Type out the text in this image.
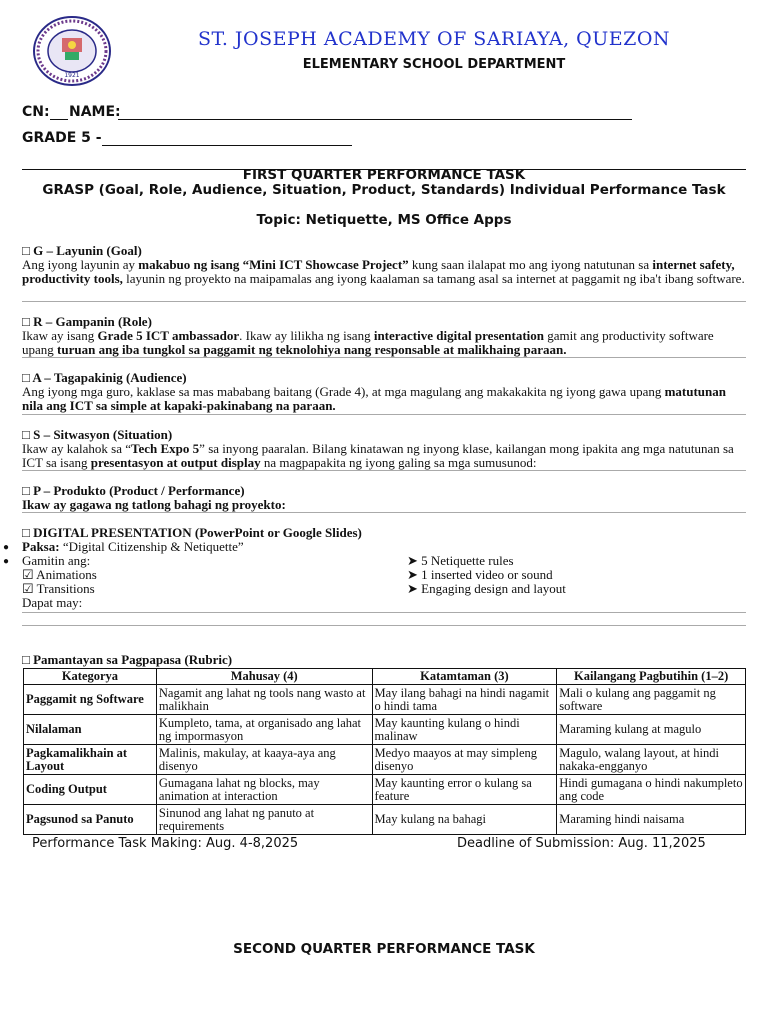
1921
ST. JOSEPH ACADEMY OF SARIAYA, QUEZON
ELEMENTARY SCHOOL DEPARTMENT
CN: NAME:
GRADE 5 -
FIRST QUARTER PERFORMANCE TASK
GRASP (Goal, Role, Audience, Situation, Product, Standards) Individual Performance Task
Topic: Netiquette, MS Office Apps
□ G – Layunin (Goal)
Ang iyong layunin ay makabuo ng isang “Mini ICT Showcase Project” kung saan ilalapat mo ang iyong natutunan sa internet safety, productivity tools, layunin ng proyekto na maipamalas ang iyong kaalaman sa tamang asal sa internet at paggamit ng iba't ibang software.
□ R – Gampanin (Role)
Ikaw ay isang Grade 5 ICT ambassador. Ikaw ay lilikha ng isang interactive digital presentation gamit ang productivity software upang turuan ang iba tungkol sa paggamit ng teknolohiya nang responsable at malikhaing paraan.
□ A – Tagapakinig (Audience)
Ang iyong mga guro, kaklase sa mas mababang baitang (Grade 4), at mga magulang ang makakakita ng iyong gawa upang matutunan nila ang ICT sa simple at kapaki-pakinabang na paraan.
□ S – Sitwasyon (Situation)
Ikaw ay kalahok sa “Tech Expo 5” sa inyong paaralan. Bilang kinatawan ng inyong klase, kailangan mong ipakita ang mga natutunan sa ICT sa isang presentasyon at output display na magpapakita ng iyong galing sa mga sumusunod:
□ P – Produkto (Product / Performance)
Ikaw ay gagawa ng tatlong bahagi ng proyekto:
□ DIGITAL PRESENTATION (PowerPoint or Google Slides)
● Paksa: “Digital Citizenship & Netiquette”
● Gamitin ang:
☑ Animations
☑ Transitions
Dapat may:
➤ 5 Netiquette rules
➤ 1 inserted video or sound
➤ Engaging design and layout
□ Pamantayan sa Pagpapasa (Rubric)
Kategorya	Mahusay (4)	Katamtaman (3)	Kailangang Pagbutihin (1–2)
Paggamit ng Software	Nagamit ang lahat ng tools nang wasto at malikhain	May ilang bahagi na hindi nagamit o hindi tama	Mali o kulang ang paggamit ng software
Nilalaman	Kumpleto, tama, at organisado ang lahat ng impormasyon	May kaunting kulang o hindi malinaw	Maraming kulang at magulo
Pagkamalikhain at Layout	Malinis, makulay, at kaaya-aya ang disenyo	Medyo maayos at may simpleng disenyo	Magulo, walang layout, at hindi nakaka-engganyo
Coding Output	Gumagana lahat ng blocks, may animation at interaction	May kaunting error o kulang sa feature	Hindi gumagana o hindi nakumpleto ang code
Pagsunod sa Panuto	Sinunod ang lahat ng panuto at requirements	May kulang na bahagi	Maraming hindi naisama
Performance Task Making: Aug. 4-8,2025	Deadline of Submission: Aug. 11,2025
SECOND QUARTER PERFORMANCE TASK
